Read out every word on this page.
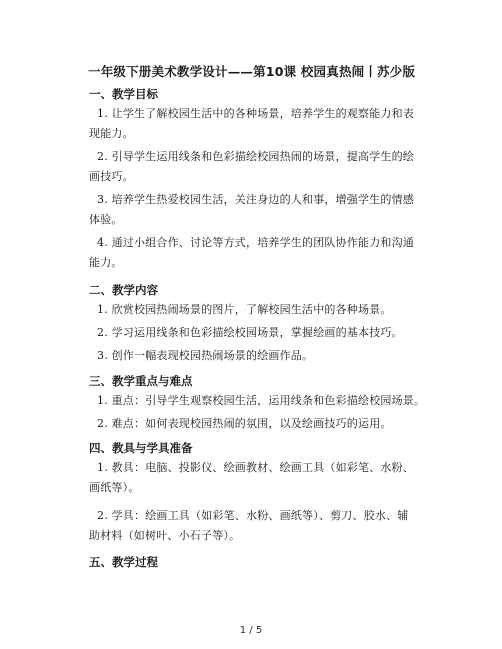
一年级下册美术教学设计——第10课 校园真热闹丨苏少版
一、教学目标
1. 让学生了解校园生活中的各种场景，培养学生的观察能力和表现能力。
2. 引导学生运用线条和色彩描绘校园热闹的场景，提高学生的绘画技巧。
3. 培养学生热爱校园生活，关注身边的人和事，增强学生的情感体验。
4. 通过小组合作、讨论等方式，培养学生的团队协作能力和沟通能力。
二、教学内容
1. 欣赏校园热闹场景的图片，了解校园生活中的各种场景。
2. 学习运用线条和色彩描绘校园场景，掌握绘画的基本技巧。
3. 创作一幅表现校园热闹场景的绘画作品。
三、教学重点与难点
1. 重点：引导学生观察校园生活，运用线条和色彩描绘校园场景。
2. 难点：如何表现校园热闹的氛围，以及绘画技巧的运用。
四、教具与学具准备
1. 教具：电脑、投影仪、绘画教材、绘画工具（如彩笔、水粉、画纸等）。
2. 学具：绘画工具（如彩笔、水粉、画纸等）、剪刀、胶水、辅助材料（如树叶、小石子等）。
五、教学过程
1 / 5
